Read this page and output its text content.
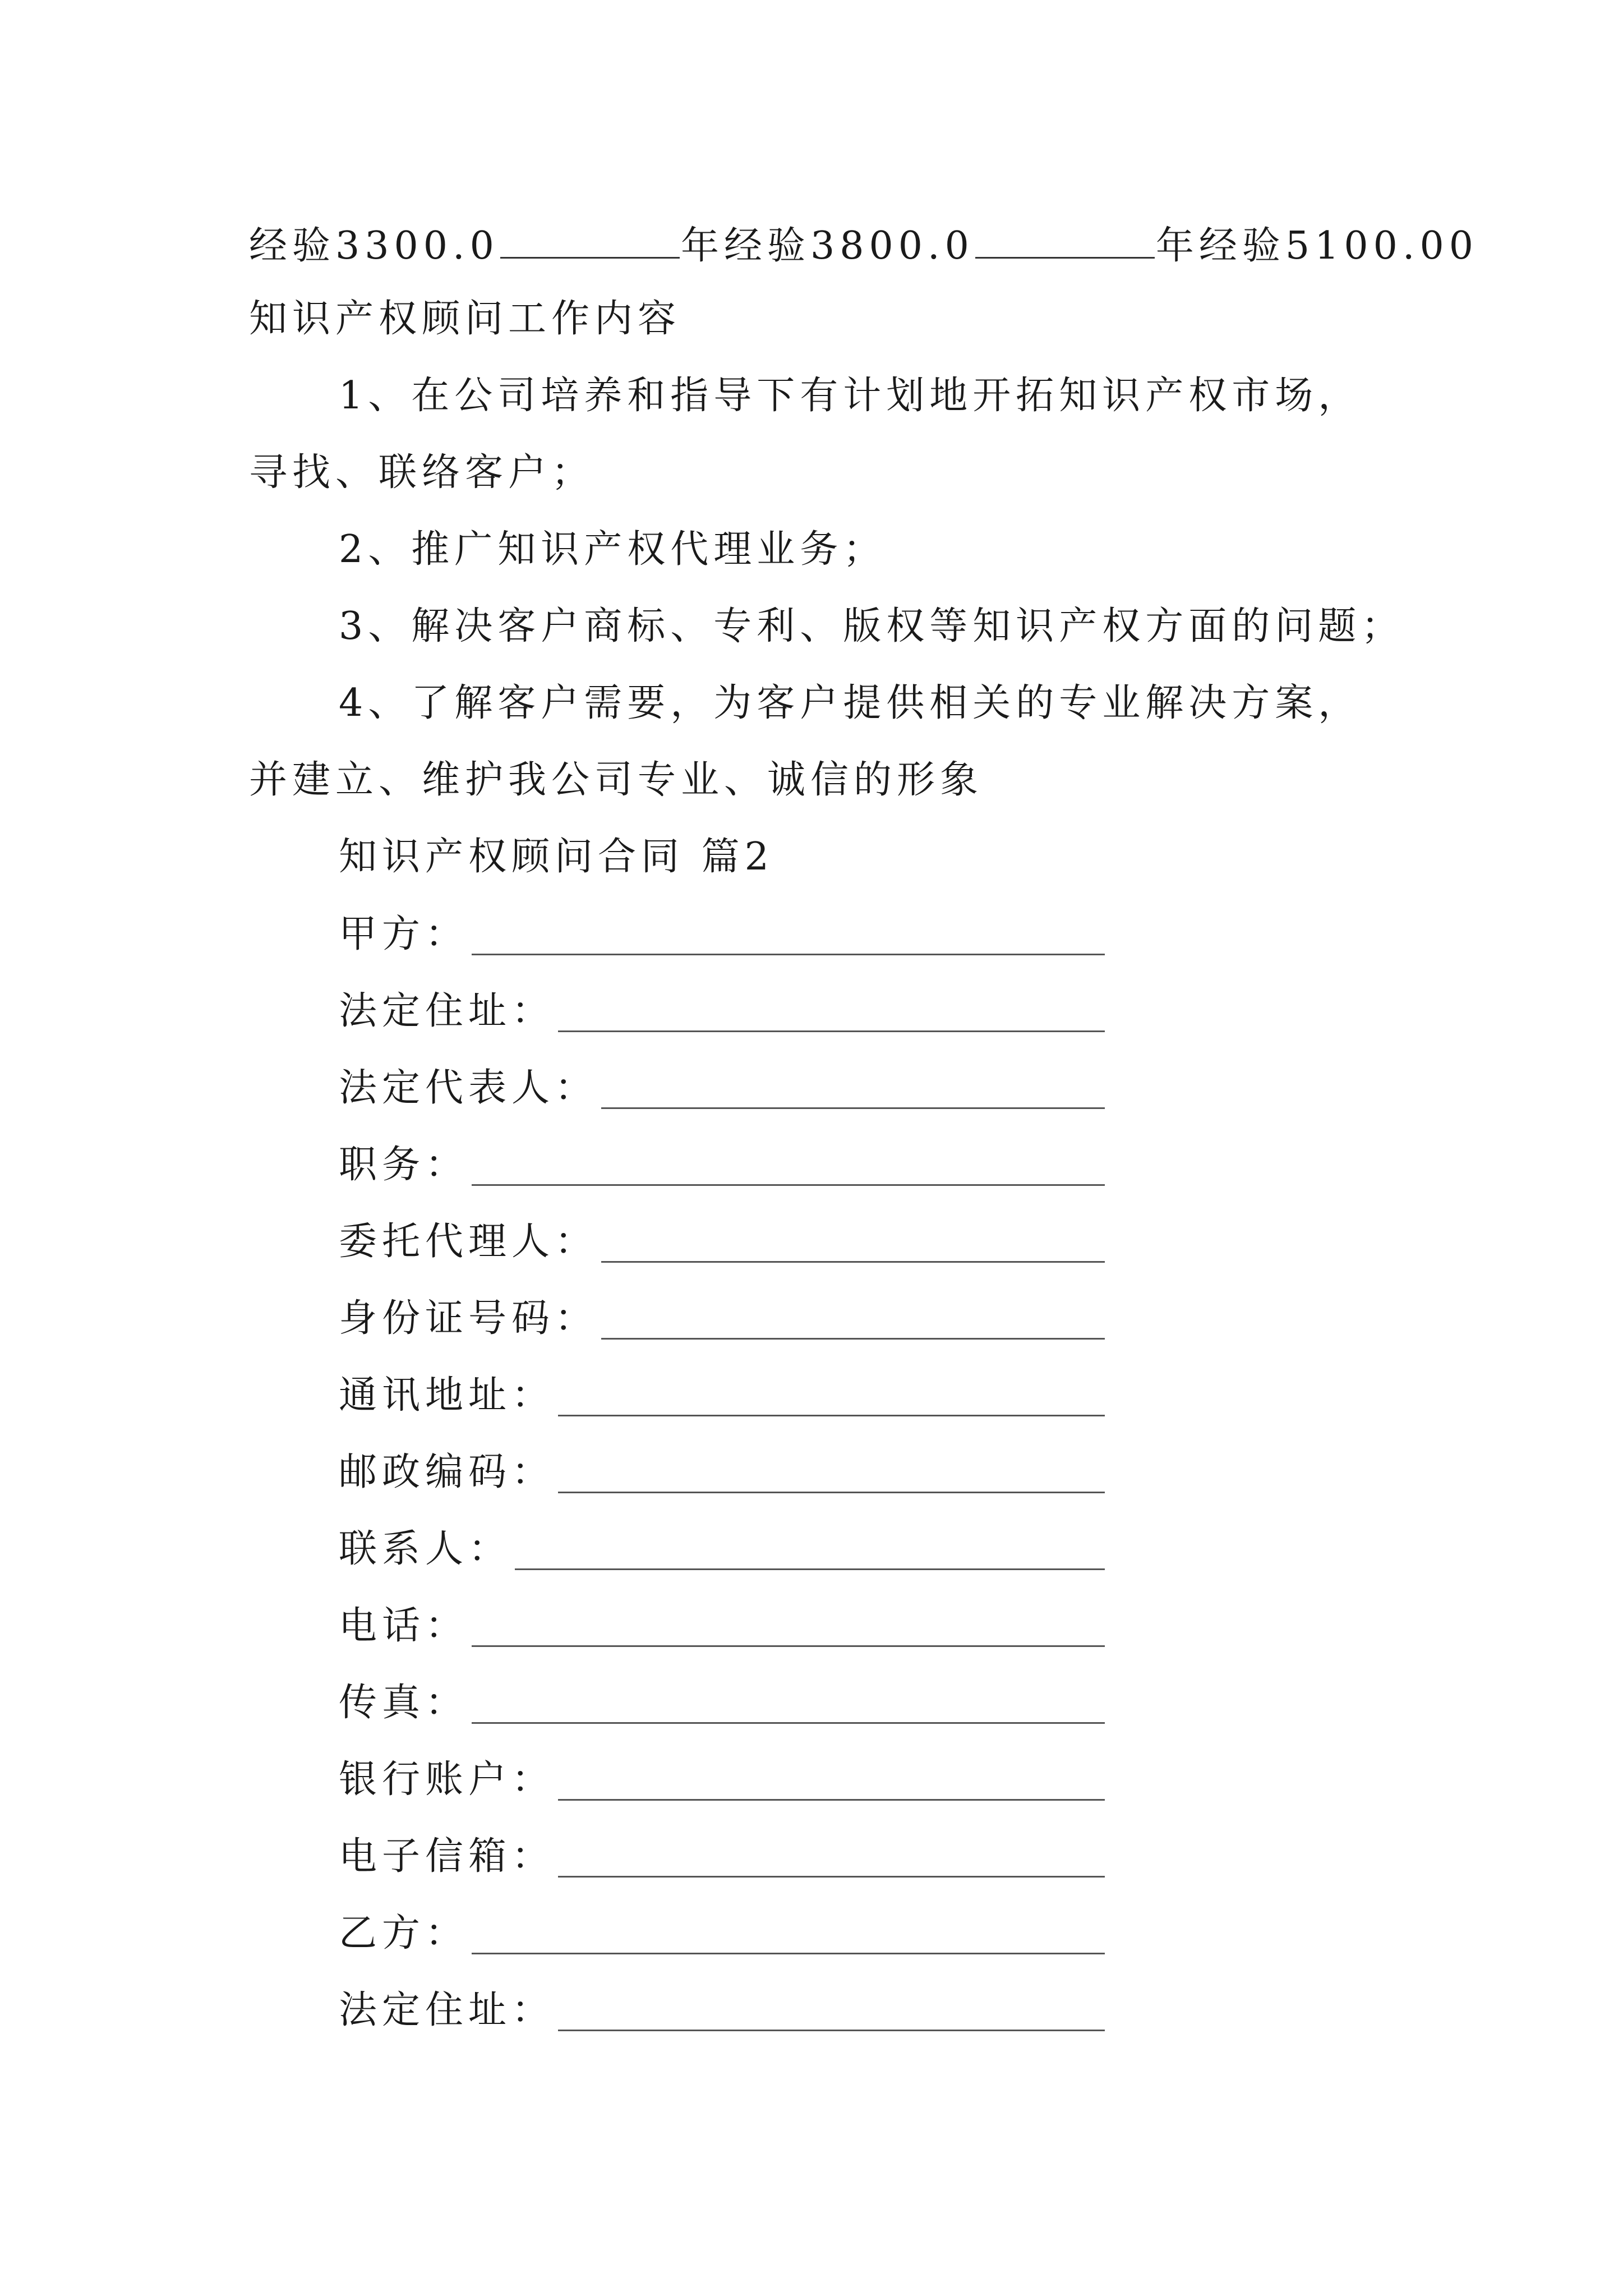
经验3300.0	年经验3800.0	年经验5100.00
知识产权顾问工作内容
1、在公司培养和指导下有计划地开拓知识产权市场，
寻找、联络客户；
2、推广知识产权代理业务；
3、解决客户商标、专利、版权等知识产权方面的问题；
4、了解客户需要，为客户提供相关的专业解决方案，
并建立、维护我公司专业、诚信的形象
知识产权顾问合同 篇2
甲方：
法定住址：
法定代表人：
职务：
委托代理人：
身份证号码：
通讯地址：
邮政编码：
联系人：
电话：
传真：
银行账户：
电子信箱：
乙方：
法定住址：
